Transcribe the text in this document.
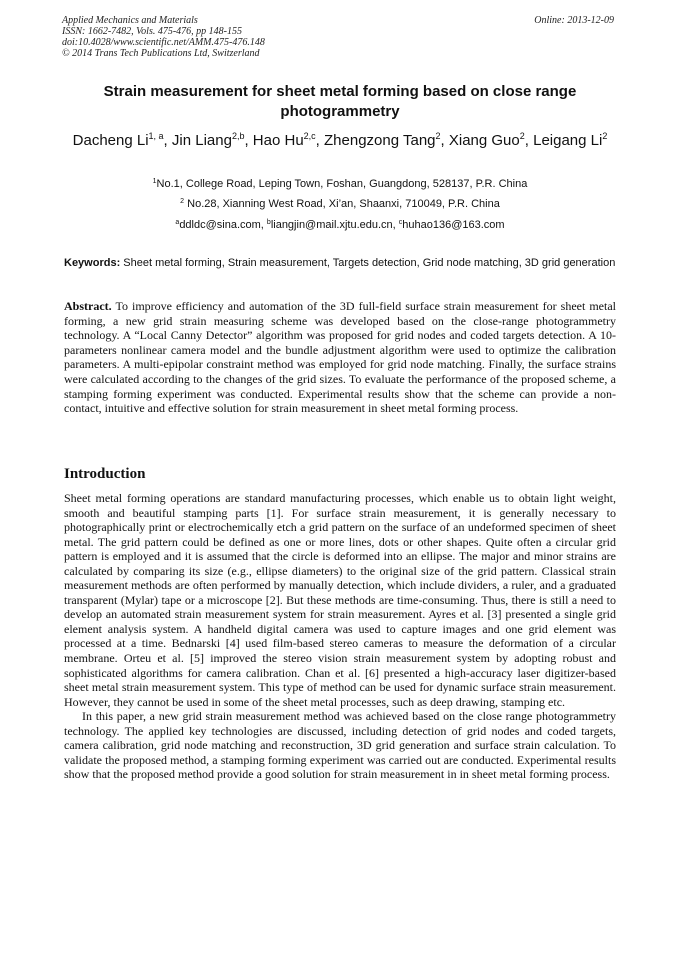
Applied Mechanics and Materials
ISSN: 1662-7482, Vols. 475-476, pp 148-155
doi:10.4028/www.scientific.net/AMM.475-476.148
© 2014 Trans Tech Publications Ltd, Switzerland
Online: 2013-12-09
Strain measurement for sheet metal forming based on close range photogrammetry
Dacheng Li$^{1, a}$, Jin Liang$^{2,b}$, Hao Hu$^{2,c}$, Zhengzong Tang$^2$, Xiang Guo$^2$, Leigang Li$^2$
$^1$No.1, College Road, Leping Town, Foshan, Guangdong, 528137, P.R. China
$^2$ No.28, Xianning West Road, Xi’an, Shaanxi, 710049, P.R. China
$^a$ddldc@sina.com, $^b$liangjin@mail.xjtu.edu.cn, $^c$huhao136@163.com
Keywords: Sheet metal forming, Strain measurement, Targets detection, Grid node matching, 3D grid generation
Abstract. To improve efficiency and automation of the 3D full-field surface strain measurement for sheet metal forming, a new grid strain measuring scheme was developed based on the close-range photogrammetry technology. A “Local Canny Detector” algorithm was proposed for grid nodes and coded targets detection. A 10-parameters nonlinear camera model and the bundle adjustment algorithm were used to optimize the calibration parameters. A multi-epipolar constraint method was employed for grid node matching. Finally, the surface strains were calculated according to the changes of the grid sizes. To evaluate the performance of the proposed scheme, a stamping forming experiment was conducted. Experimental results show that the scheme can provide a non-contact, intuitive and effective solution for strain measurement in sheet metal forming process.
Introduction

Sheet metal forming operations are standard manufacturing processes, which enable us to obtain light weight, smooth and beautiful stamping parts [1]. For surface strain measurement, it is generally necessary to photographically print or electrochemically etch a grid pattern on the surface of an undeformed specimen of sheet metal. The grid pattern could be defined as one or more lines, dots or other shapes. Quite often a circular grid pattern is employed and it is assumed that the circle is deformed into an ellipse. The major and minor strains are calculated by comparing its size (e.g., ellipse diameters) to the original size of the grid pattern. Classical strain measurement methods are often performed by manually detection, which include dividers, a ruler, and a graduated transparent (Mylar) tape or a microscope [2]. But these methods are time-consuming. Thus, there is still a need to develop an automated strain measurement system for strain measurement. Ayres et al. [3] presented a single grid element analysis system. A handheld digital camera was used to capture images and one grid element was processed at a time. Bednarski [4] used film-based stereo cameras to measure the deformation of a circular membrane. Orteu et al. [5] improved the stereo vision strain measurement system by adopting robust and sophisticated algorithms for camera calibration. Chan et al. [6] presented a high-accuracy laser digitizer-based sheet metal strain measurement system. This type of method can be used for dynamic surface strain measurement. However, they cannot be used in some of the sheet metal processes, such as deep drawing, stamping etc.

In this paper, a new grid strain measurement method was achieved based on the close range photogrammetry technology. The applied key technologies are discussed, including detection of grid nodes and coded targets, camera calibration, grid node matching and reconstruction, 3D grid generation and surface strain calculation. To validate the proposed method, a stamping forming experiment was carried out are conducted. Experimental results show that the proposed method provide a good solution for strain measurement in in sheet metal forming process.
